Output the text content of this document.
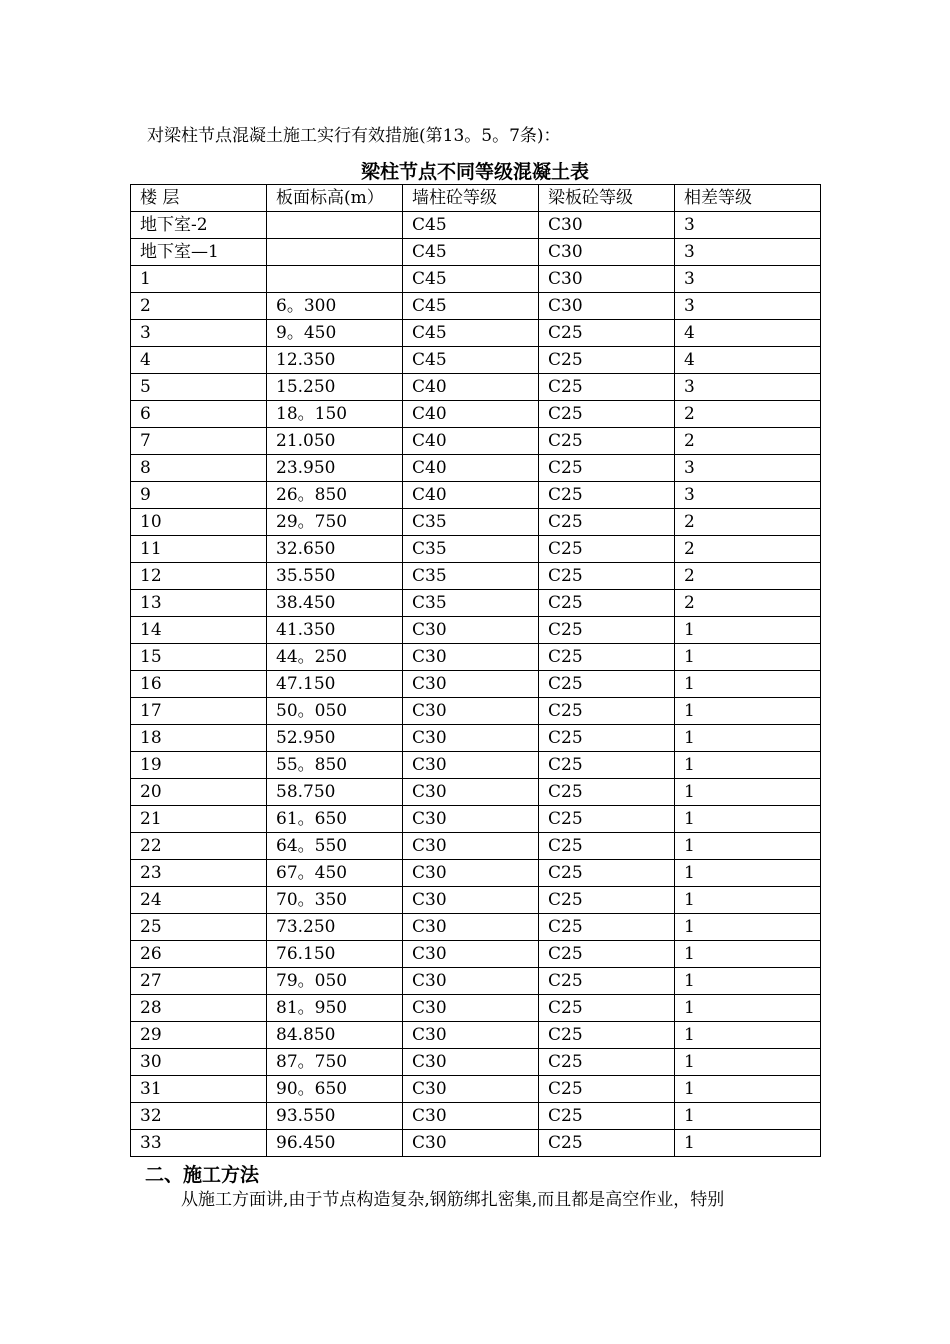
对梁柱节点混凝土施工实行有效措施(第13。5。7条)：
梁柱节点不同等级混凝土表
楼 层	板面标高(m）	墙柱砼等级	梁板砼等级	相差等级
地下室-2		C45	C30	3
地下室—1		C45	C30	3
1		C45	C30	3
2	6。300	C45	C30	3
3	9。450	C45	C25	4
4	12.350	C45	C25	4
5	15.250	C40	C25	3
6	18。150	C40	C25	2
7	21.050	C40	C25	2
8	23.950	C40	C25	3
9	26。850	C40	C25	3
10	29。750	C35	C25	2
11	32.650	C35	C25	2
12	35.550	C35	C25	2
13	38.450	C35	C25	2
14	41.350	C30	C25	1
15	44。250	C30	C25	1
16	47.150	C30	C25	1
17	50。050	C30	C25	1
18	52.950	C30	C25	1
19	55。850	C30	C25	1
20	58.750	C30	C25	1
21	61。650	C30	C25	1
22	64。550	C30	C25	1
23	67。450	C30	C25	1
24	70。350	C30	C25	1
25	73.250	C30	C25	1
26	76.150	C30	C25	1
27	79。050	C30	C25	1
28	81。950	C30	C25	1
29	84.850	C30	C25	1
30	87。750	C30	C25	1
31	90。650	C30	C25	1
32	93.550	C30	C25	1
33	96.450	C30	C25	1
二、施工方法
从施工方面讲,由于节点构造复杂,钢筋绑扎密集,而且都是高空作业，特别
